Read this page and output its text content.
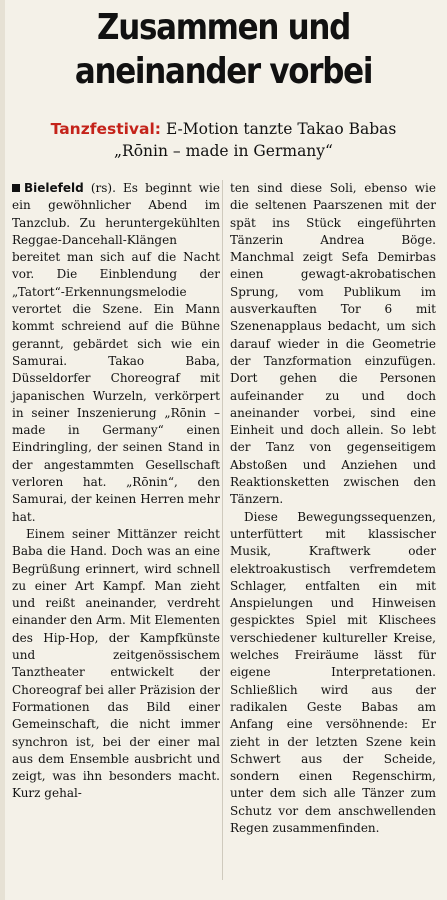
Zusammen und
aneinander vorbei
Tanzfestival: E-Motion tanzte Takao Babas
„Rōnin – made in Germany“

Bielefeld (rs). Es beginnt wie ein gewöhnlicher Abend im Tanzclub. Zu heruntergekühlten Reggae-Dancehall-Klängen bereitet man sich auf die Nacht vor. Die Einblendung der „Tatort“-Erkennungsmelodie verortet die Szene. Ein Mann kommt schreiend auf die Bühne gerannt, gebärdet sich wie ein Samurai. Takao Baba, Düsseldorfer Choreograf mit japanischen Wurzeln, verkörpert in seiner Inszenierung „Rōnin – made in Germany“ einen Eindringling, der seinen Stand in der angestammten Gesellschaft verloren hat. „Rōnin“, den Samurai, der keinen Herren mehr hat.

Einem seiner Mittänzer reicht Baba die Hand. Doch was an eine Begrüßung erinnert, wird schnell zu einer Art Kampf. Man zieht und reißt aneinander, verdreht einander den Arm. Mit Elementen des Hip-Hop, der Kampfkünste und zeitgenössischem Tanztheater entwickelt der Choreograf bei aller Präzision der Formationen das Bild einer Gemeinschaft, die nicht immer synchron ist, bei der einer mal aus dem Ensemble ausbricht und zeigt, was ihn besonders macht. Kurz gehal-

ten sind diese Soli, ebenso wie die seltenen Paarszenen mit der spät ins Stück eingeführten Tänzerin Andrea Böge. Manchmal zeigt Sefa Demirbas einen gewagt-akrobatischen Sprung, vom Publikum im ausverkauften Tor 6 mit Szenenapplaus bedacht, um sich darauf wieder in die Geometrie der Tanzformation einzufügen. Dort gehen die Personen aufeinander zu und doch aneinander vorbei, sind eine Einheit und doch allein. So lebt der Tanz von gegenseitigem Abstoßen und Anziehen und Reaktionsketten zwischen den Tänzern.

Diese Bewegungssequenzen, unterfüttert mit klassischer Musik, Kraftwerk oder elektroakustisch verfremdetem Schlager, entfalten ein mit Anspielungen und Hinweisen gespicktes Spiel mit Klischees verschiedener kultureller Kreise, welches Freiräume lässt für eigene Interpretationen. Schließlich wird aus der radikalen Geste Babas am Anfang eine versöhnende: Er zieht in der letzten Szene kein Schwert aus der Scheide, sondern einen Regenschirm, unter dem sich alle Tänzer zum Schutz vor dem anschwellenden Regen zusammenfinden.
